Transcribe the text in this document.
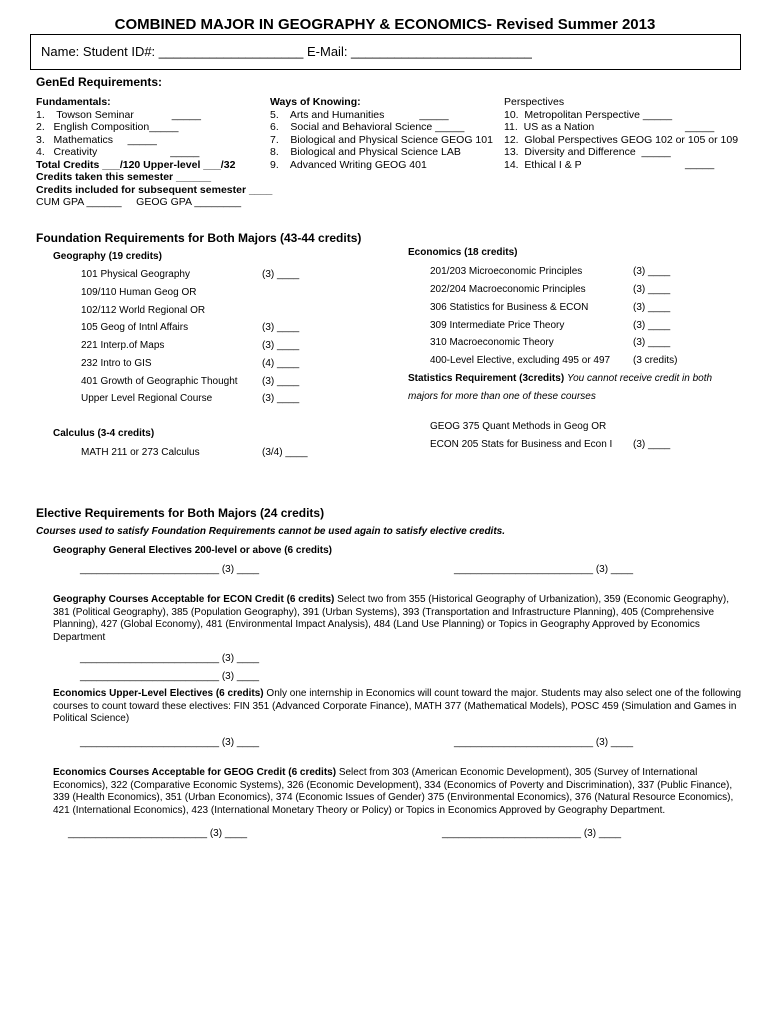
COMBINED MAJOR IN GEOGRAPHY & ECONOMICS- Revised Summer 2013
Name: Student ID#: ____________________ E-Mail: _________________________
GenEd Requirements:
Fundamentals:
1.    Towson Seminar             _____
2.   English Composition_____
3.   Mathematics     _____
4.   Creativity                         _____
Total Credits ___/120 Upper-level ___/32
Credits taken this semester ______
Credits included for subsequent semester ____
CUM GPA ______     GEOG GPA ________
Ways of Knowing:
5.    Arts and Humanities            _____
6.    Social and Behavioral Science _____
7.    Biological and Physical Science GEOG 101
8.    Biological and Physical Science LAB
9.    Advanced Writing GEOG 401
Perspectives
10.  Metropolitan Perspective _____
11.  US as a Nation
12.  Global Perspectives GEOG 102 or 105 or 109
13.  Diversity and Difference  _____
14.  Ethical I & P
_____
_____
Foundation Requirements for Both Majors (43-44 credits)
Geography (19 credits)
101 Physical Geography	(3) ____
109/110 Human Geog OR
102/112 World Regional OR
105 Geog of Intnl Affairs	(3) ____
221 Interp.of Maps	(3) ____
232 Intro to GIS	(4) ____
401 Growth of Geographic Thought (3) ____
Upper Level Regional Course	(3) ____
Calculus (3-4 credits)
MATH 211 or 273 Calculus	(3/4) ____
Economics (18 credits)
201/203 Microeconomic Principles	(3) ____
202/204 Macroeconomic Principles	(3) ____
306 Statistics for Business & ECON	(3) ____
309 Intermediate Price Theory	(3) ____
310 Macroeconomic Theory	(3) ____
400-Level Elective, excluding 495 or 497 (3 credits)
Statistics Requirement (3credits) You cannot receive credit in both
majors for more than one of these courses
GEOG 375 Quant Methods in Geog OR
ECON 205 Stats for Business and Econ I (3) ____
Elective Requirements for Both Majors (24 credits)
Courses used to satisfy Foundation Requirements cannot be used again to satisfy elective credits.
Geography General Electives 200-level or above (6 credits)
_________________________ (3) ____	_________________________ (3) ____
Geography Courses Acceptable for ECON Credit (6 credits) Select two from 355 (Historical Geography of Urbanization), 359 (Economic Geography), 381 (Political Geography), 385 (Population Geography), 391 (Urban Systems), 393 (Transportation and Infrastructure Planning), 405 (Comprehensive Planning), 427 (Global Economy), 481 (Environmental Impact Analysis), 484 (Land Use Planning) or Topics in Geography Approved by Economics Department
_________________________ (3) ____
_________________________ (3) ____
Economics Upper-Level Electives (6 credits) Only one internship in Economics will count toward the major. Students may also select one of the following courses to count toward these electives: FIN 351 (Advanced Corporate Finance), MATH 377 (Mathematical Models), POSC 459 (Simulation and Games in Political Science)
_________________________ (3) ____	_________________________ (3) ____
Economics Courses Acceptable for GEOG Credit (6 credits) Select from 303 (American Economic Development), 305 (Survey of International Economics), 322 (Comparative Economic Systems), 326 (Economic Development), 334 (Economics of Poverty and Discrimination), 337 (Public Finance), 339 (Health Economics), 351 (Urban Economics), 374 (Economic Issues of Gender) 375 (Environmental Economics), 376 (Natural Resource Economics), 421 (International Economics), 423 (International Monetary Theory or Policy) or Topics in Economics Approved by Geography Department.
_________________________ (3) ____	_________________________ (3) ____
